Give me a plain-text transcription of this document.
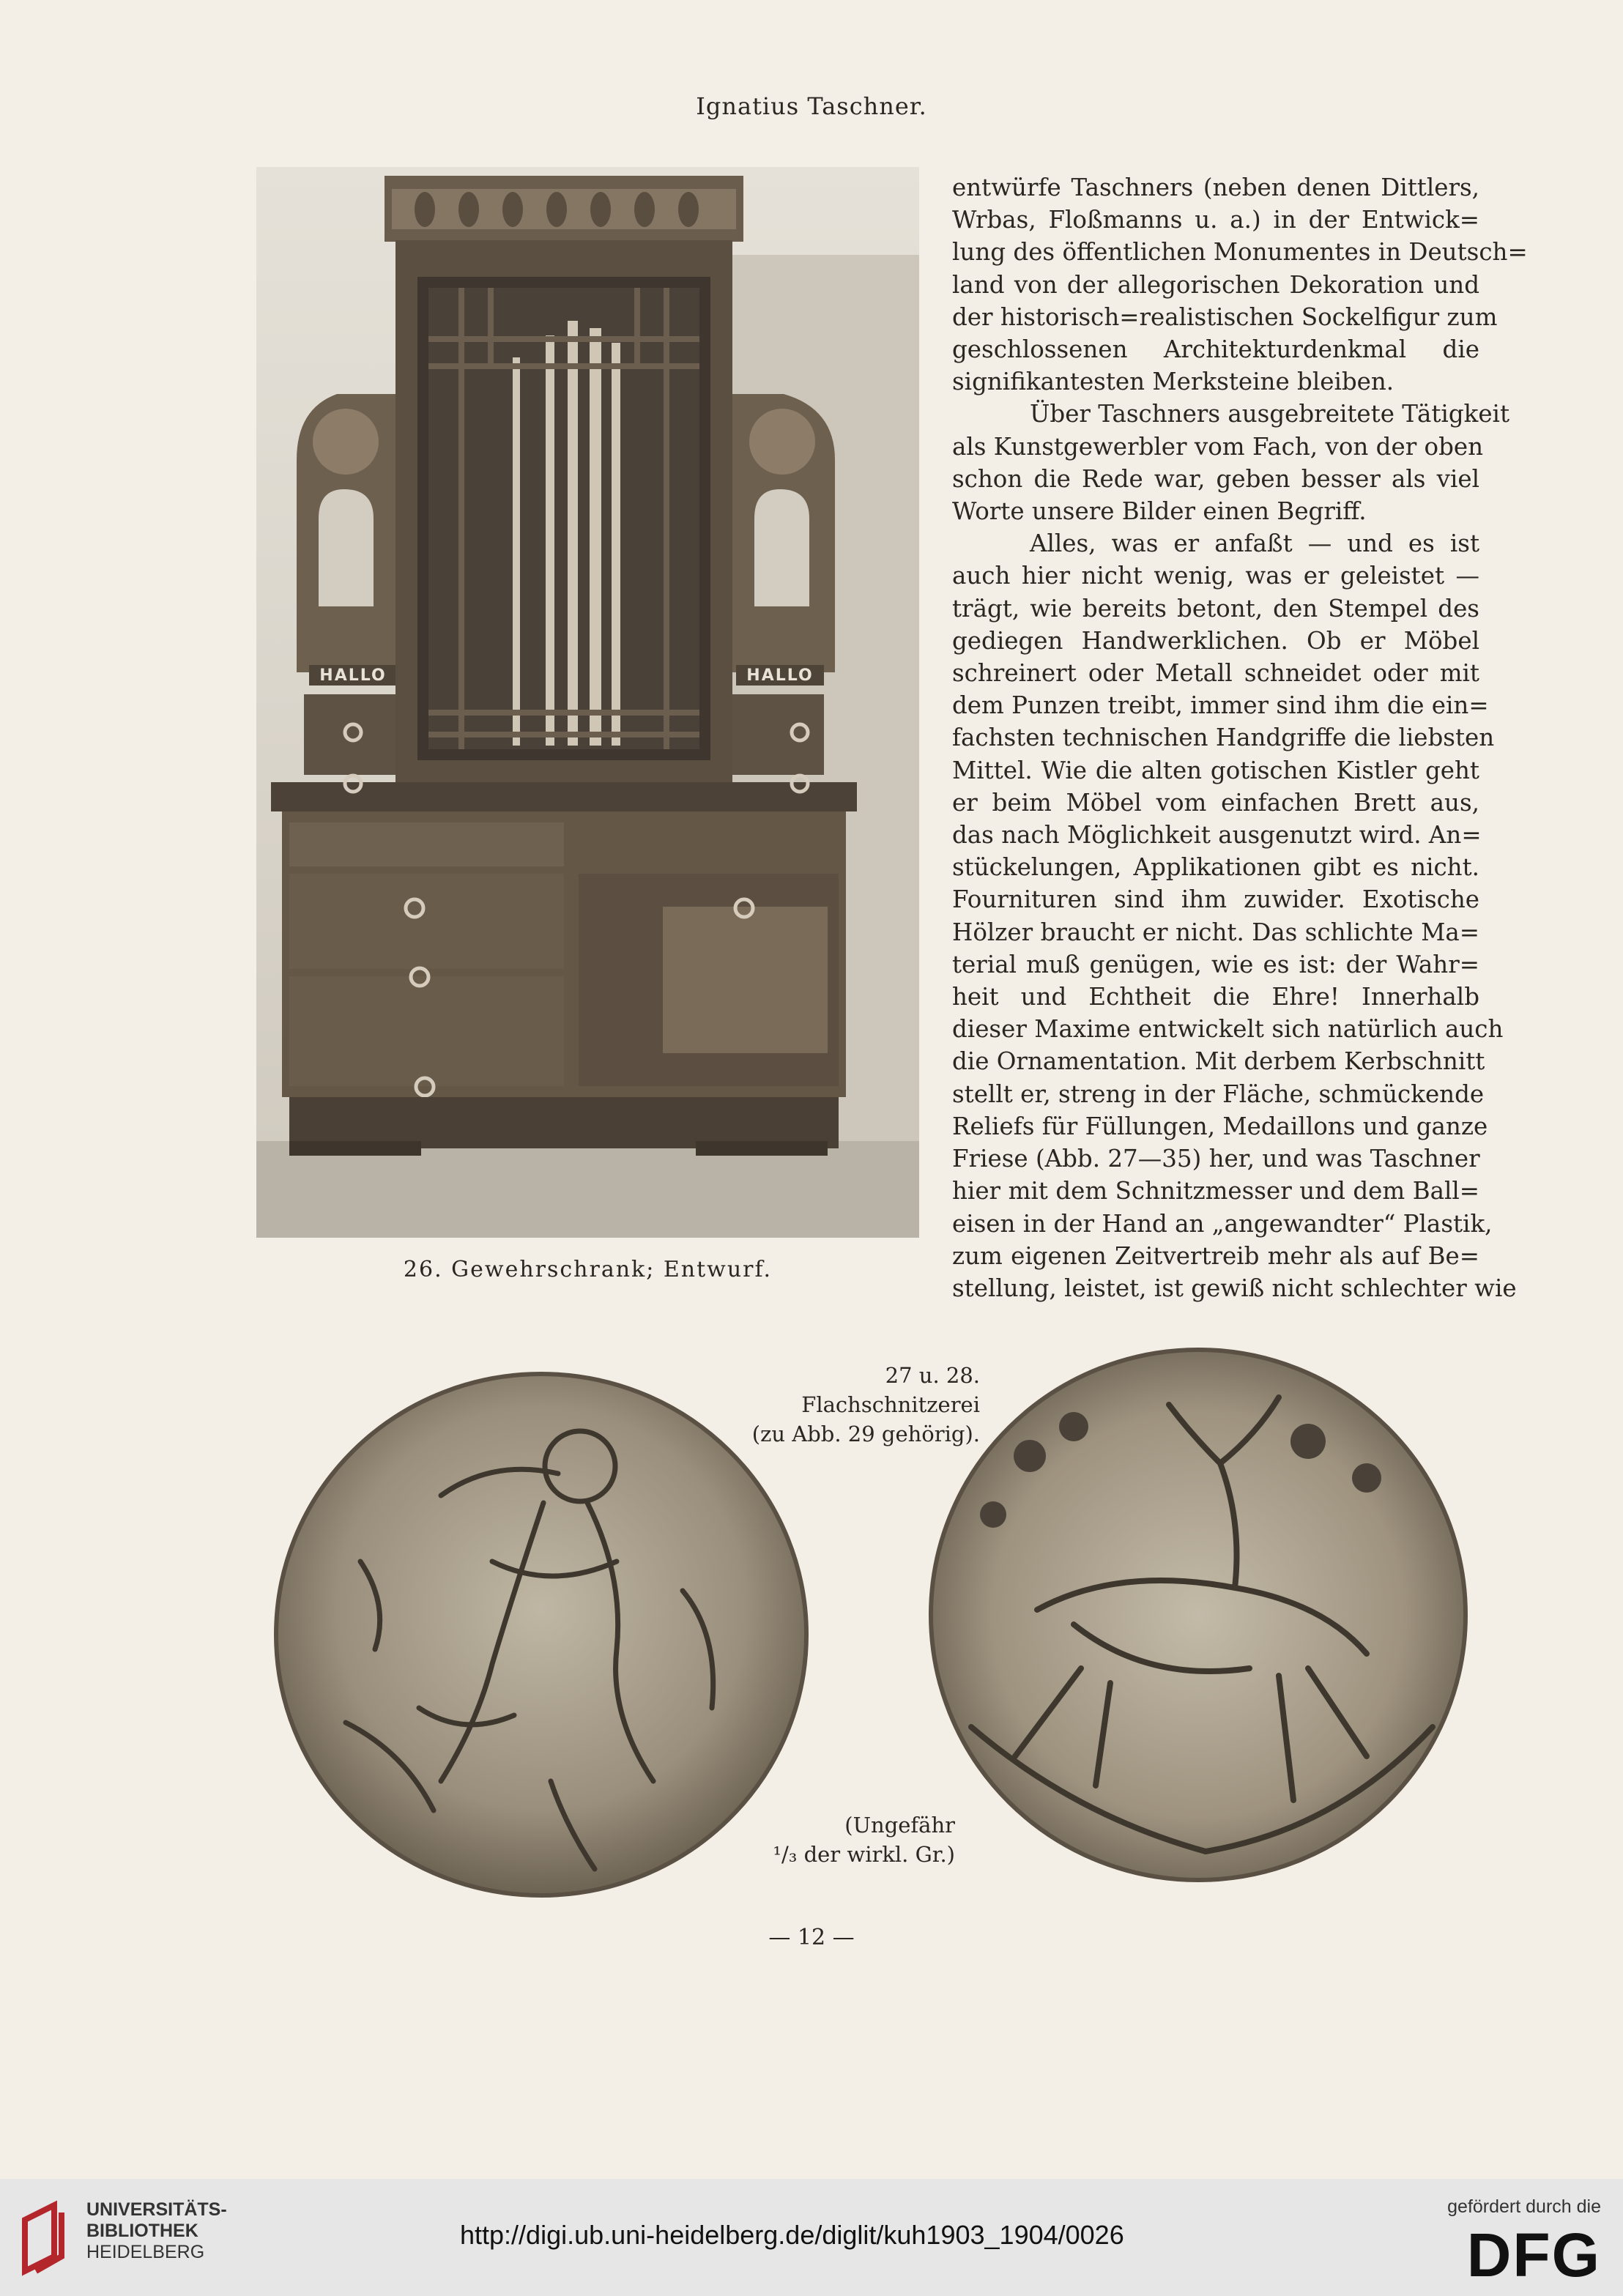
Ignatius Taschner.
HALLO	HALLO
26. Gewehrschrank; Entwurf.

entwürfe Taschners (neben denen Dittlers,
Wrbas, Floßmanns u. a.) in der Entwick=
lung des öffentlichen Monumentes in Deutsch=
land von der allegorischen Dekoration und
der historisch=realistischen Sockelfigur zum
geschlossenen Architekturdenkmal die
signifikantesten Merksteine bleiben.

Über Taschners ausgebreitete Tätigkeit
als Kunstgewerbler vom Fach, von der oben
schon die Rede war, geben besser als viel
Worte unsere Bilder einen Begriff.

Alles, was er anfaßt — und es ist
auch hier nicht wenig, was er geleistet —
trägt, wie bereits betont, den Stempel des
gediegen Handwerklichen. Ob er Möbel
schreinert oder Metall schneidet oder mit
dem Punzen treibt, immer sind ihm die ein=
fachsten technischen Handgriffe die liebsten
Mittel. Wie die alten gotischen Kistler geht
er beim Möbel vom einfachen Brett aus,
das nach Möglichkeit ausgenutzt wird. An=
stückelungen, Applikationen gibt es nicht.
Fournituren sind ihm zuwider. Exotische
Hölzer braucht er nicht. Das schlichte Ma=
terial muß genügen, wie es ist: der Wahr=
heit und Echtheit die Ehre! Innerhalb
dieser Maxime entwickelt sich natürlich auch
die Ornamentation. Mit derbem Kerbschnitt
stellt er, streng in der Fläche, schmückende
Reliefs für Füllungen, Medaillons und ganze
Friese (Abb. 27—35) her, und was Taschner
hier mit dem Schnitzmesser und dem Ball=
eisen in der Hand an „angewandter“ Plastik,
zum eigenen Zeitvertreib mehr als auf Be=
stellung, leistet, ist gewiß nicht schlechter wie

27 u. 28. Flachschnitzerei
(zu Abb. 29 gehörig).
(Ungefähr
¹/₃ der wirkl. Gr.)
— 12 —
UNIVERSITÄTS-
BIBLIOTHEK
HEIDELBERG
http://digi.ub.uni-heidelberg.de/diglit/kuh1903_1904/0026
gefördert durch die
DFG
